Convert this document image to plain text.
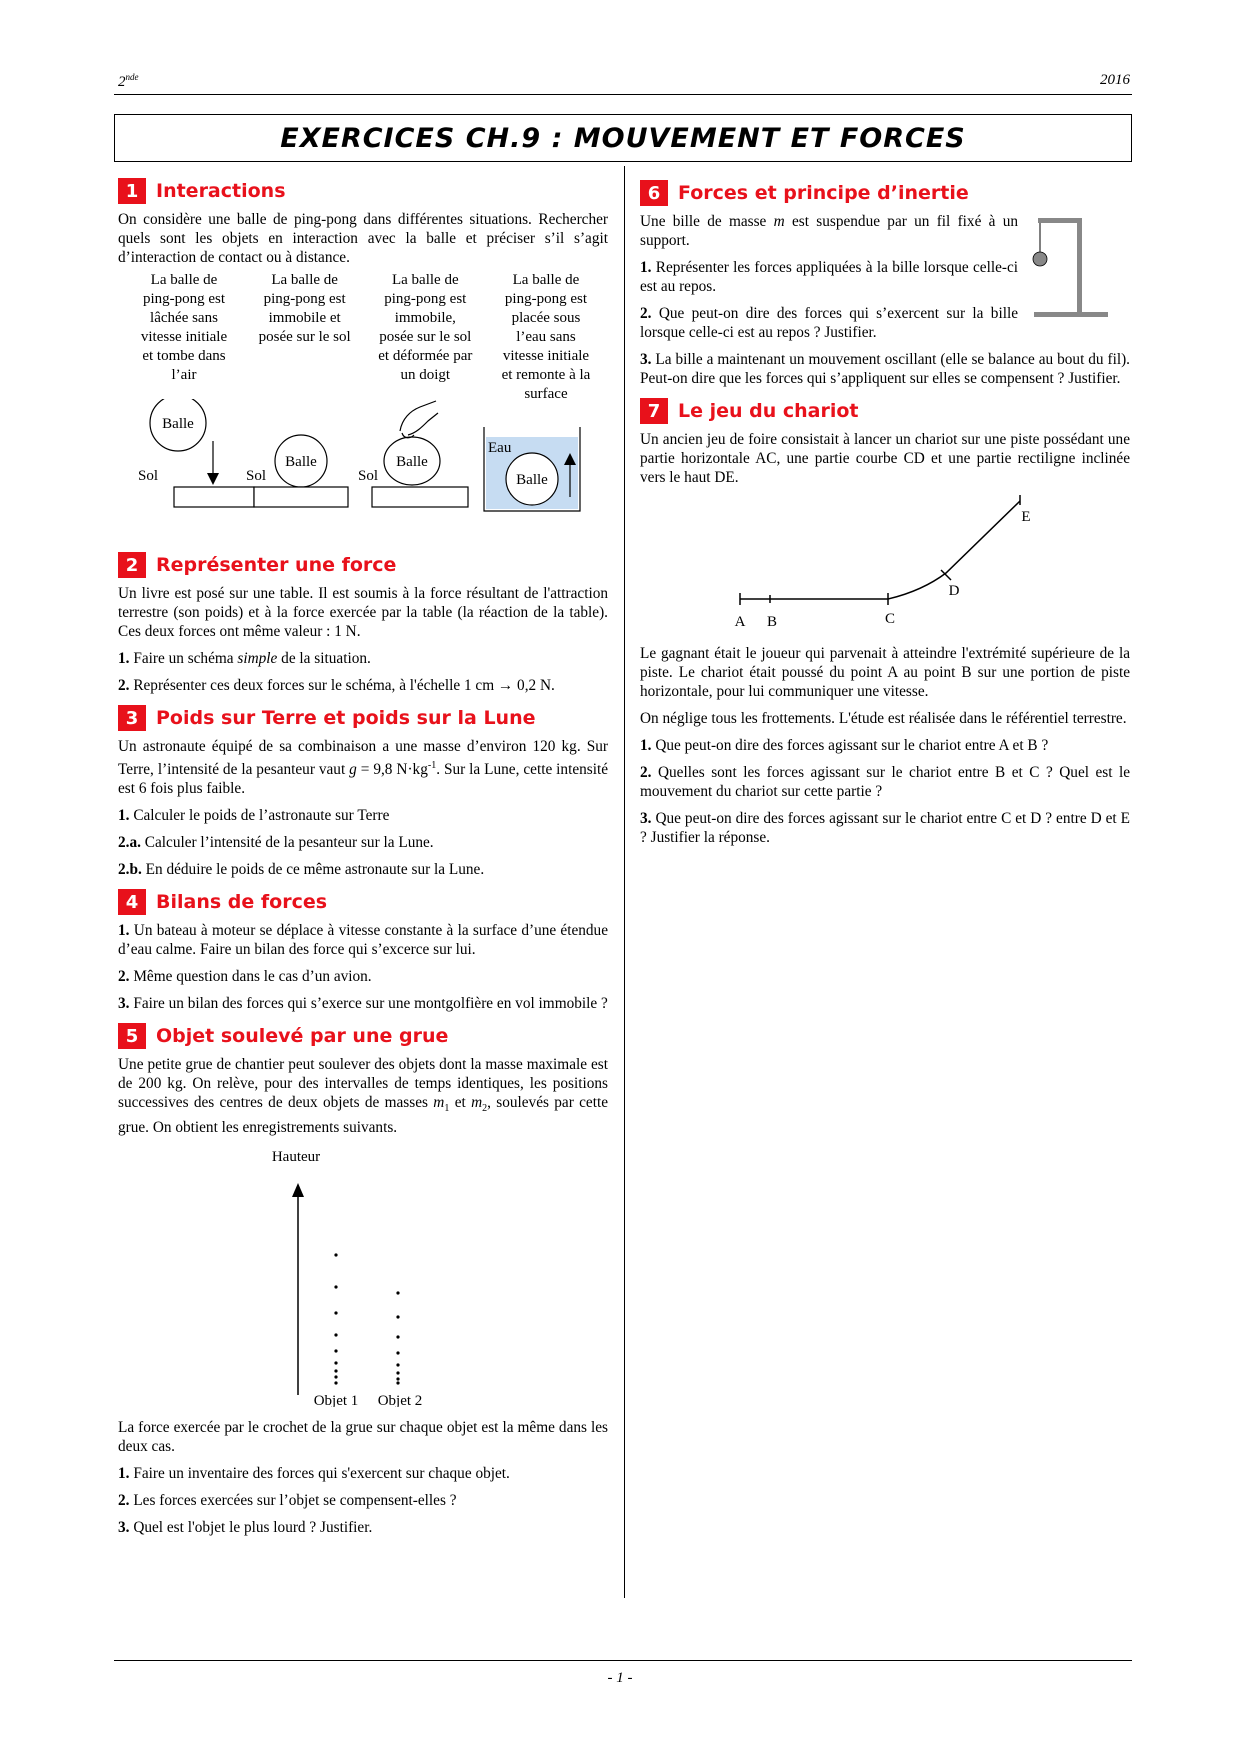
2nde	2016
EXERCICES CH.9 : MOUVEMENT ET FORCES
1 Interactions

On considère une balle de ping-pong dans différentes situations. Rechercher quels sont les objets en interaction avec la balle et préciser s’il s’agit d’interaction de contact ou à distance.

La balle de
ping-pong est
lâchée sans
vitesse initiale
et tombe dans
l’air
La balle de
ping-pong est
immobile et
posée sur le sol
La balle de
ping-pong est
immobile,
posée sur le sol
et déformée par
un doigt
La balle de
ping-pong est
placée sous
l’eau sans
vitesse initiale
et remonte à la
surface
Balle
Sol
Balle
Sol
Balle
Sol
Eau
Balle
2 Représenter une force

Un livre est posé sur une table. Il est soumis à la force résultant de l'attraction terrestre (son poids) et à la force exercée par la table (la réaction de la table). Ces deux forces ont même valeur : 1 N.

1. Faire un schéma simple de la situation.

2. Représenter ces deux forces sur le schéma, à l'échelle 1 cm → 0,2 N.

3 Poids sur Terre et poids sur la Lune

Un astronaute équipé de sa combinaison a une masse d’environ 120 kg. Sur Terre, l’intensité de la pesanteur vaut g = 9,8 $N\cdot kg^{-1}$. Sur la Lune, cette intensité est 6 fois plus faible.

1. Calculer le poids de l’astronaute sur Terre

2.a. Calculer l’intensité de la pesanteur sur la Lune.

2.b. En déduire le poids de ce même astronaute sur la Lune.

4 Bilans de forces

1. Un bateau à moteur se déplace à vitesse constante à la surface d’une étendue d’eau calme. Faire un bilan des force qui s’excerce sur lui.

2. Même question dans le cas d’un avion.

3. Faire un bilan des forces qui s’exerce sur une montgolfière en vol immobile ?

5 Objet soulevé par une grue

Une petite grue de chantier peut soulever des objets dont la masse maximale est de 200 kg. On relève, pour des intervalles de temps identiques, les positions successives des centres de deux objets de masses $m_1$ et $m_2$, soulevés par cette grue. On obtient les enregistrements suivants.

Hauteur
Objet 1 Objet 2

La force exercée par le crochet de la grue sur chaque objet est la même dans les deux cas.

1. Faire un inventaire des forces qui s'exercent sur chaque objet.

2. Les forces exercées sur l’objet se compensent-elles ?

3. Quel est l'objet le plus lourd ? Justifier.

6 Forces et principe d’inertie

Une bille de masse m est suspendue par un fil fixé à un support.

1. Représenter les forces appliquées à la bille lorsque celle-ci est au repos.

2. Que peut-on dire des forces qui s’exercent sur la bille lorsque celle-ci est au repos ? Justifier.

3. La bille a maintenant un mouvement oscillant (elle se balance au bout du fil). Peut-on dire que les forces qui s’appliquent sur elles se compensent ? Justifier.

7 Le jeu du chariot

Un ancien jeu de foire consistait à lancer un chariot sur une piste possédant une partie horizontale AC, une partie courbe CD et une partie rectiligne inclinée vers le haut DE.

A B	C
D
E

Le gagnant était le joueur qui parvenait à atteindre l'extrémité supérieure de la piste. Le chariot était poussé du point A au point B sur une portion de piste horizontale, pour lui communiquer une vitesse.

On néglige tous les frottements. L'étude est réalisée dans le référentiel terrestre.

1. Que peut-on dire des forces agissant sur le chariot entre A et B ?

2. Quelles sont les forces agissant sur le chariot entre B et C ? Quel est le mouvement du chariot sur cette partie ?

3. Que peut-on dire des forces agissant sur le chariot entre C et D ? entre D et E ? Justifier la réponse.

- 1 -
